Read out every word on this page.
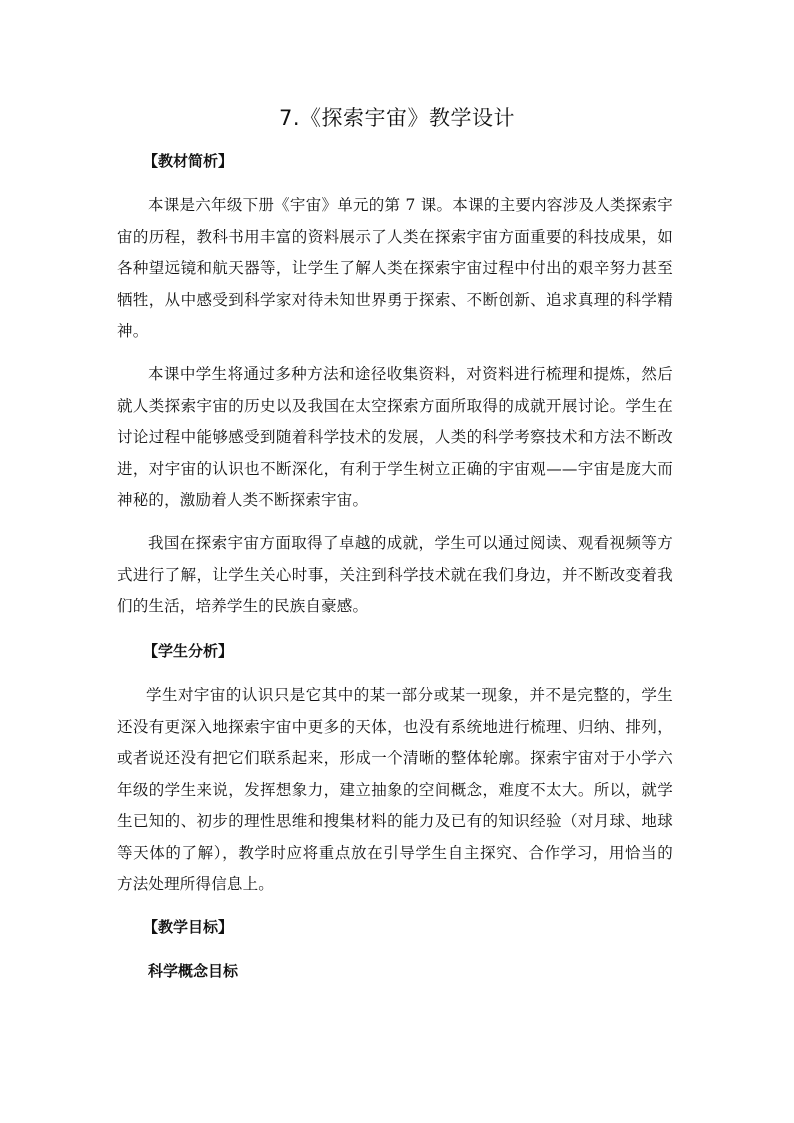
7.《探索宇宙》教学设计
【教材简析】
本课是六年级下册《宇宙》单元的第 7 课。本课的主要内容涉及人类探索宇宙的历程，教科书用丰富的资料展示了人类在探索宇宙方面重要的科技成果，如各种望远镜和航天器等，让学生了解人类在探索宇宙过程中付出的艰辛努力甚至牺牲，从中感受到科学家对待未知世界勇于探索、不断创新、追求真理的科学精神。
本课中学生将通过多种方法和途径收集资料，对资料进行梳理和提炼，然后就人类探索宇宙的历史以及我国在太空探索方面所取得的成就开展讨论。学生在讨论过程中能够感受到随着科学技术的发展，人类的科学考察技术和方法不断改进，对宇宙的认识也不断深化，有利于学生树立正确的宇宙观——宇宙是庞大而神秘的，激励着人类不断探索宇宙。
我国在探索宇宙方面取得了卓越的成就，学生可以通过阅读、观看视频等方式进行了解，让学生关心时事，关注到科学技术就在我们身边，并不断改变着我们的生活，培养学生的民族自豪感。
【学生分析】
学生对宇宙的认识只是它其中的某一部分或某一现象，并不是完整的，学生还没有更深入地探索宇宙中更多的天体，也没有系统地进行梳理、归纳、排列，或者说还没有把它们联系起来，形成一个清晰的整体轮廓。探索宇宙对于小学六年级的学生来说，发挥想象力，建立抽象的空间概念，难度不太大。所以，就学生已知的、初步的理性思维和搜集材料的能力及已有的知识经验（对月球、地球等天体的了解），教学时应将重点放在引导学生自主探究、合作学习，用恰当的方法处理所得信息上。
【教学目标】
科学概念目标
